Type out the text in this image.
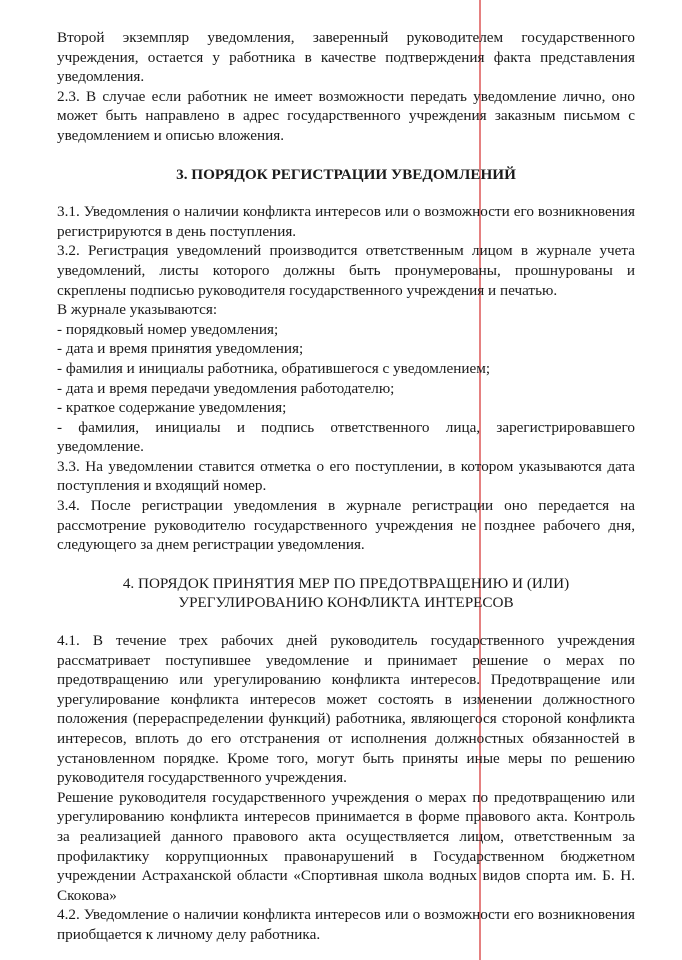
Второй экземпляр уведомления, заверенный руководителем государственного учреждения, остается у работника в качестве подтверждения факта представления уведомления.

2.3. В случае если работник не имеет возможности передать уведомление лично, оно может быть направлено в адрес государственного учреждения заказным письмом с уведомлением и описью вложения.

3. ПОРЯДОК РЕГИСТРАЦИИ УВЕДОМЛЕНИЙ

3.1. Уведомления о наличии конфликта интересов или о возможности его возникновения регистрируются в день поступления.

3.2. Регистрация уведомлений производится ответственным лицом в журнале учета уведомлений, листы которого должны быть пронумерованы, прошнурованы и скреплены подписью руководителя государственного учреждения и печатью.

В журнале указываются:

- порядковый номер уведомления;

- дата и время принятия уведомления;

- фамилия и инициалы работника, обратившегося с уведомлением;

- дата и время передачи уведомления работодателю;

- краткое содержание уведомления;

- фамилия, инициалы и подпись ответственного лица, зарегистрировавшего уведомление.

3.3. На уведомлении ставится отметка о его поступлении, в котором указываются дата поступления и входящий номер.

3.4. После регистрации уведомления в журнале регистрации оно передается на рассмотрение руководителю государственного учреждения не позднее рабочего дня, следующего за днем регистрации уведомления.

4. ПОРЯДОК ПРИНЯТИЯ МЕР ПО ПРЕДОТВРАЩЕНИЮ И (ИЛИ)

УРЕГУЛИРОВАНИЮ КОНФЛИКТА ИНТЕРЕСОВ

4.1. В течение трех рабочих дней руководитель государственного учреждения рассматривает поступившее уведомление и принимает решение о мерах по предотвращению или урегулированию конфликта интересов. Предотвращение или урегулирование конфликта интересов может состоять в изменении должностного положения (перераспределении функций) работника, являющегося стороной конфликта интересов, вплоть до его отстранения от исполнения должностных обязанностей в установленном порядке. Кроме того, могут быть приняты иные меры по решению руководителя государственного учреждения.

Решение руководителя государственного учреждения о мерах по предотвращению или урегулированию конфликта интересов принимается в форме правового акта. Контроль за реализацией данного правового акта осуществляется лицом, ответственным за профилактику коррупционных правонарушений в Государственном бюджетном учреждении Астраханской области «Спортивная школа водных видов спорта им. Б. Н. Скокова»

4.2. Уведомление о наличии конфликта интересов или о возможности его возникновения приобщается к личному делу работника.
